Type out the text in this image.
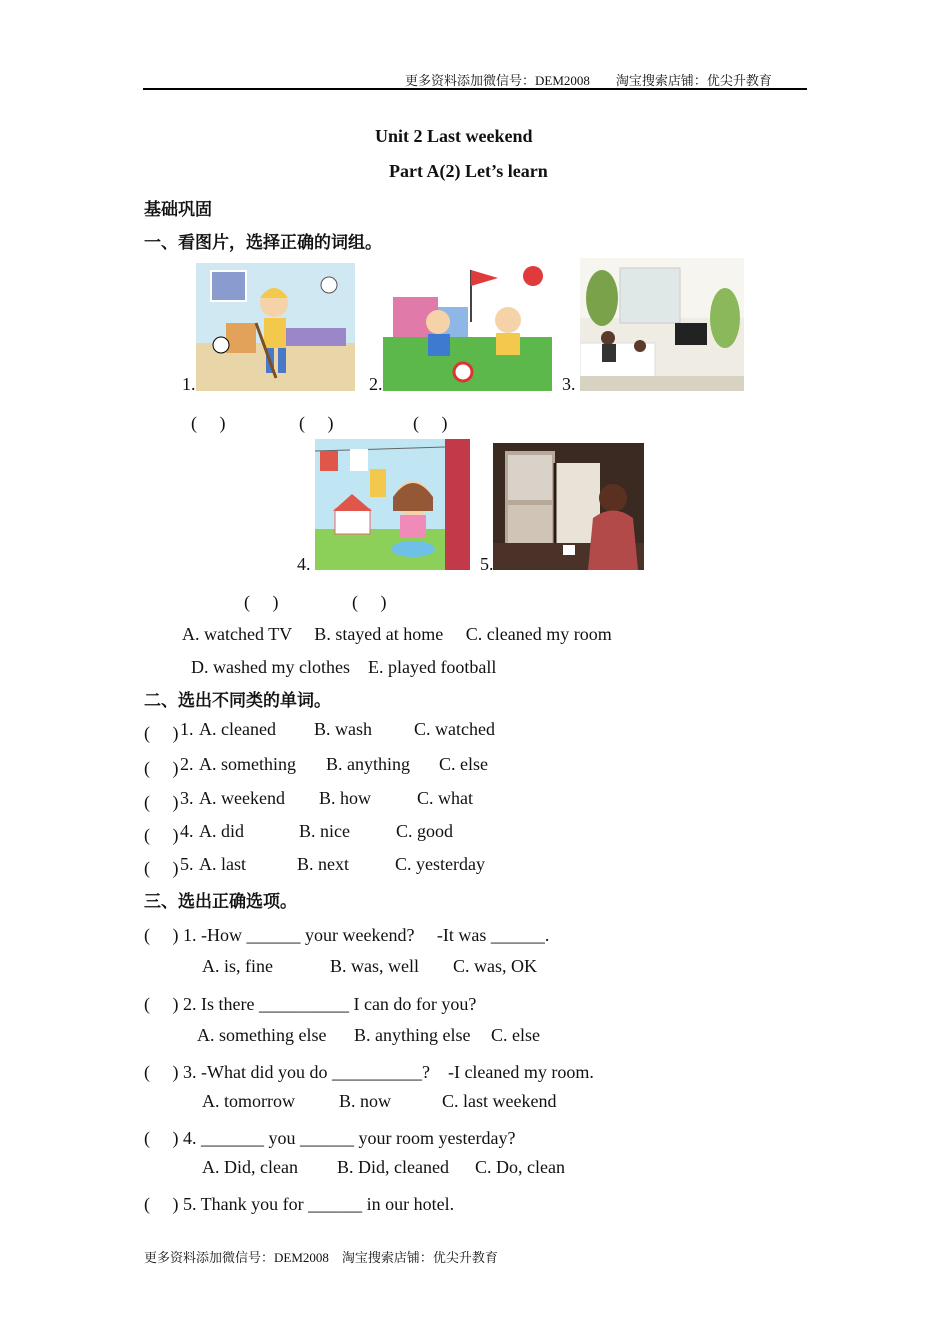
更多资料添加微信号：DEM2008　　淘宝搜索店铺：优尖升教育
Unit 2 Last weekend
Part A(2) Let’s learn
基础巩固
一、看图片，选择正确的词组。
1.	2.	3.
(　 )	(　 )	(　 )
4.	5.
(　 )	(　 )
A. watched TV　 B. stayed at home　 C. cleaned my room
D. washed my clothes　E. played football
二、选出不同类的单词。
(　 ) 1. A. cleaned B. wash C. watched
(　 ) 2. A. something B. anything C. else
(　 ) 3. A. weekend B. how	C. what
(　 ) 4. A. did	B. nice	C. good
(　 ) 5. A. last	B. next	C. yesterday
三、选出正确选项。
(　 ) 1. -How ______ your weekend?　 -It was ______.
A. is, fine	B. was, well C. was, OK
(　 ) 2. Is there __________ I can do for you?
A. something else B. anything else C. else
(　 ) 3. -What did you do __________?　-I cleaned my room.
A. tomorrow B. now	C. last weekend
(　 ) 4. _______ you ______ your room yesterday?
A. Did, clean B. Did, cleaned C. Do, clean
(　 ) 5. Thank you for ______ in our hotel.
更多资料添加微信号：DEM2008　淘宝搜索店铺：优尖升教育
